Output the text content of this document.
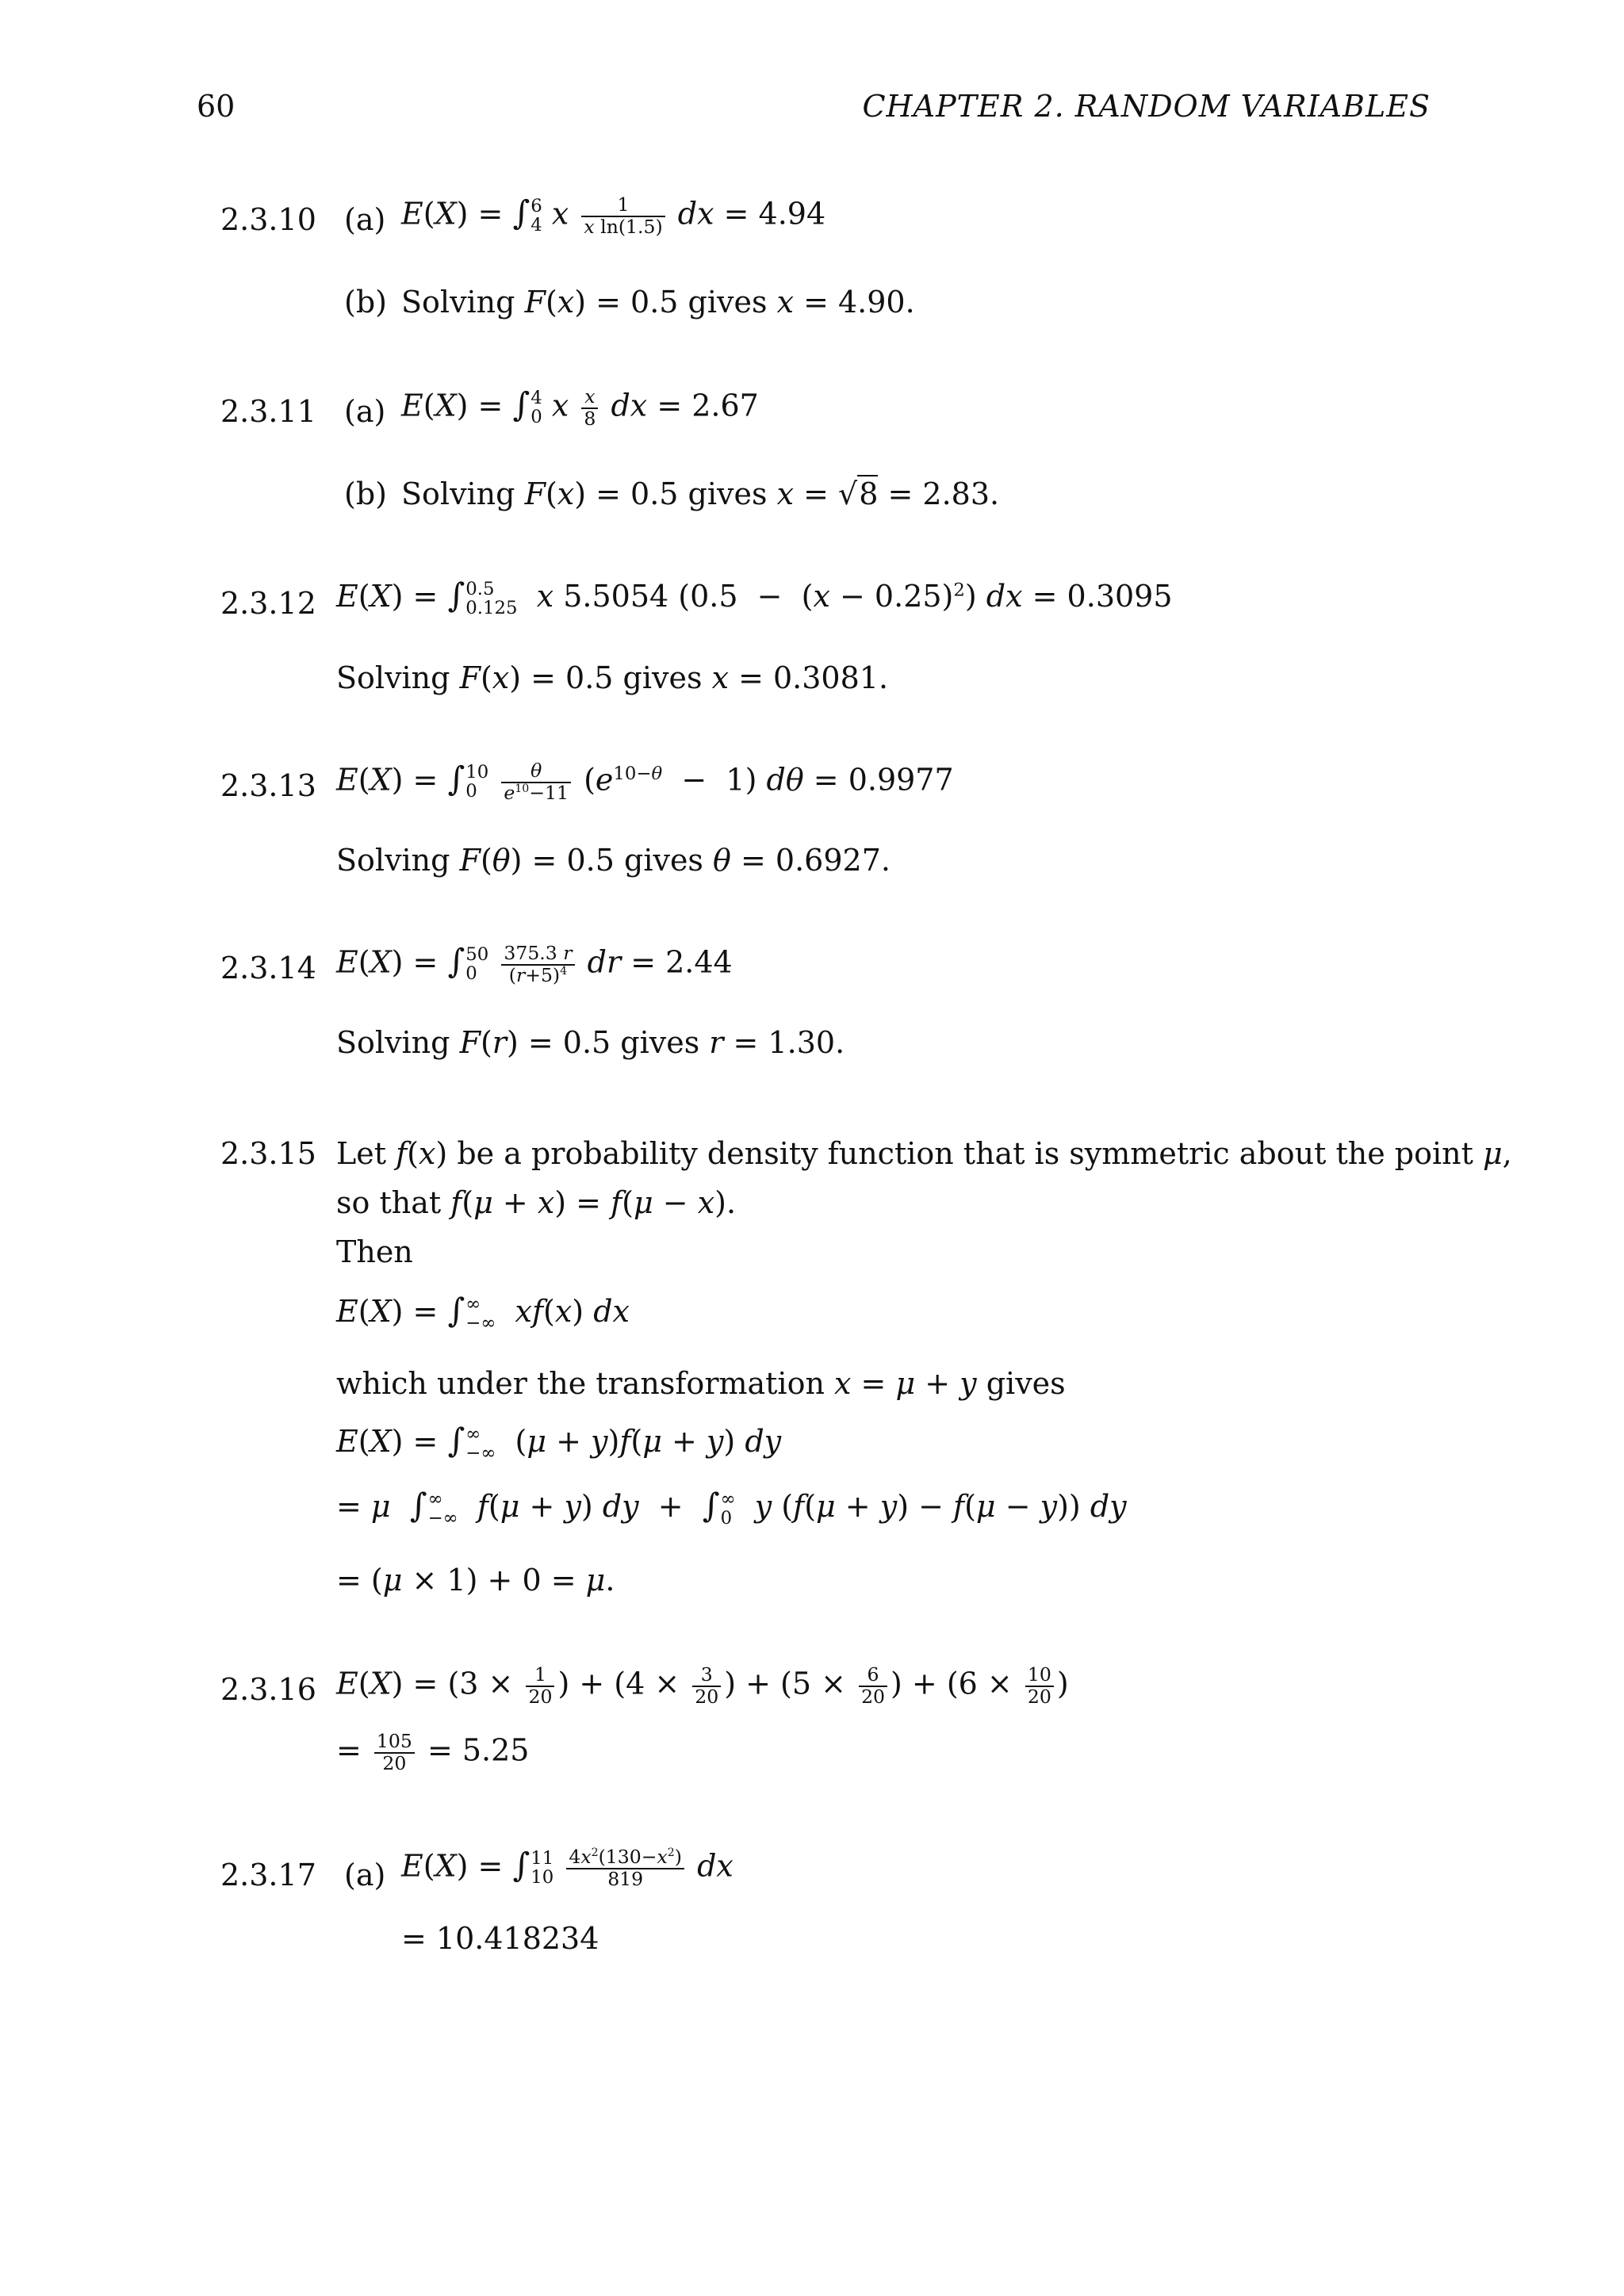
60	CHAPTER 2. RANDOM VARIABLES
2.3.10 (a) E(X) = ∫ 6
4 x $\frac{1}{\text{x ln(1.5)}}$ dx = 4.94
(b) Solving F(x) = 0.5 gives x = 4.90.
2.3.11 (a) E(X) = ∫ 4
0 x $\frac{x}{8}$ dx = 2.67
(b) Solving F(x) = 0.5 gives x = √8 = 2.83.
2.3.12 E(X) = ∫ 0.5
0.125 x 5.5054 $(0.5 - (x - 0.25)^2)$ dx = 0.3095
Solving F(x) = 0.5 gives x = 0.3081.
2.3.13 E(X) = ∫ 10
0
	$\frac{\theta}{e^{10}-11} (e^{10-\theta} - 1) d\theta = 0.9977$
Solving F(θ) = 0.5 gives θ = 0.6927.
2.3.14 E(X) = ∫ 50
0
	$\frac{375.3 r}{(r+5)^4}$ dr = 2.44
Solving F(r) = 0.5 gives r = 1.30.
2.3.15 Let f(x) be a probability density function that is symmetric about the point μ,
so that f(μ + x) = f(μ − x).
Then
E(X) = ∫ ∞
−∞ xf(x) dx
which under the transformation x = μ + y gives
E(X) = ∫ ∞
−∞ (μ + y)f(μ + y) dy
= μ ∫ ∞
−∞ f(μ + y) dy  +  ∫ ∞
0 y (f(μ + y) − f(μ − y)) dy
= (μ × 1) + 0 = μ.
2.3.16 $E(X) = (3 \times \frac{1}{20}$ ) + ($4 \times \frac{3}{20}$ ) + ($5 \times \frac{6}{20}$ ) + ($6 \times \frac{10}{20}$ )
= $\frac{105}{20} = 5.25$
2.3.17 (a) E(X) = ∫ 11
10
$\frac{4x^2(130-x^2)}{819}$ dx
= 10.418234
